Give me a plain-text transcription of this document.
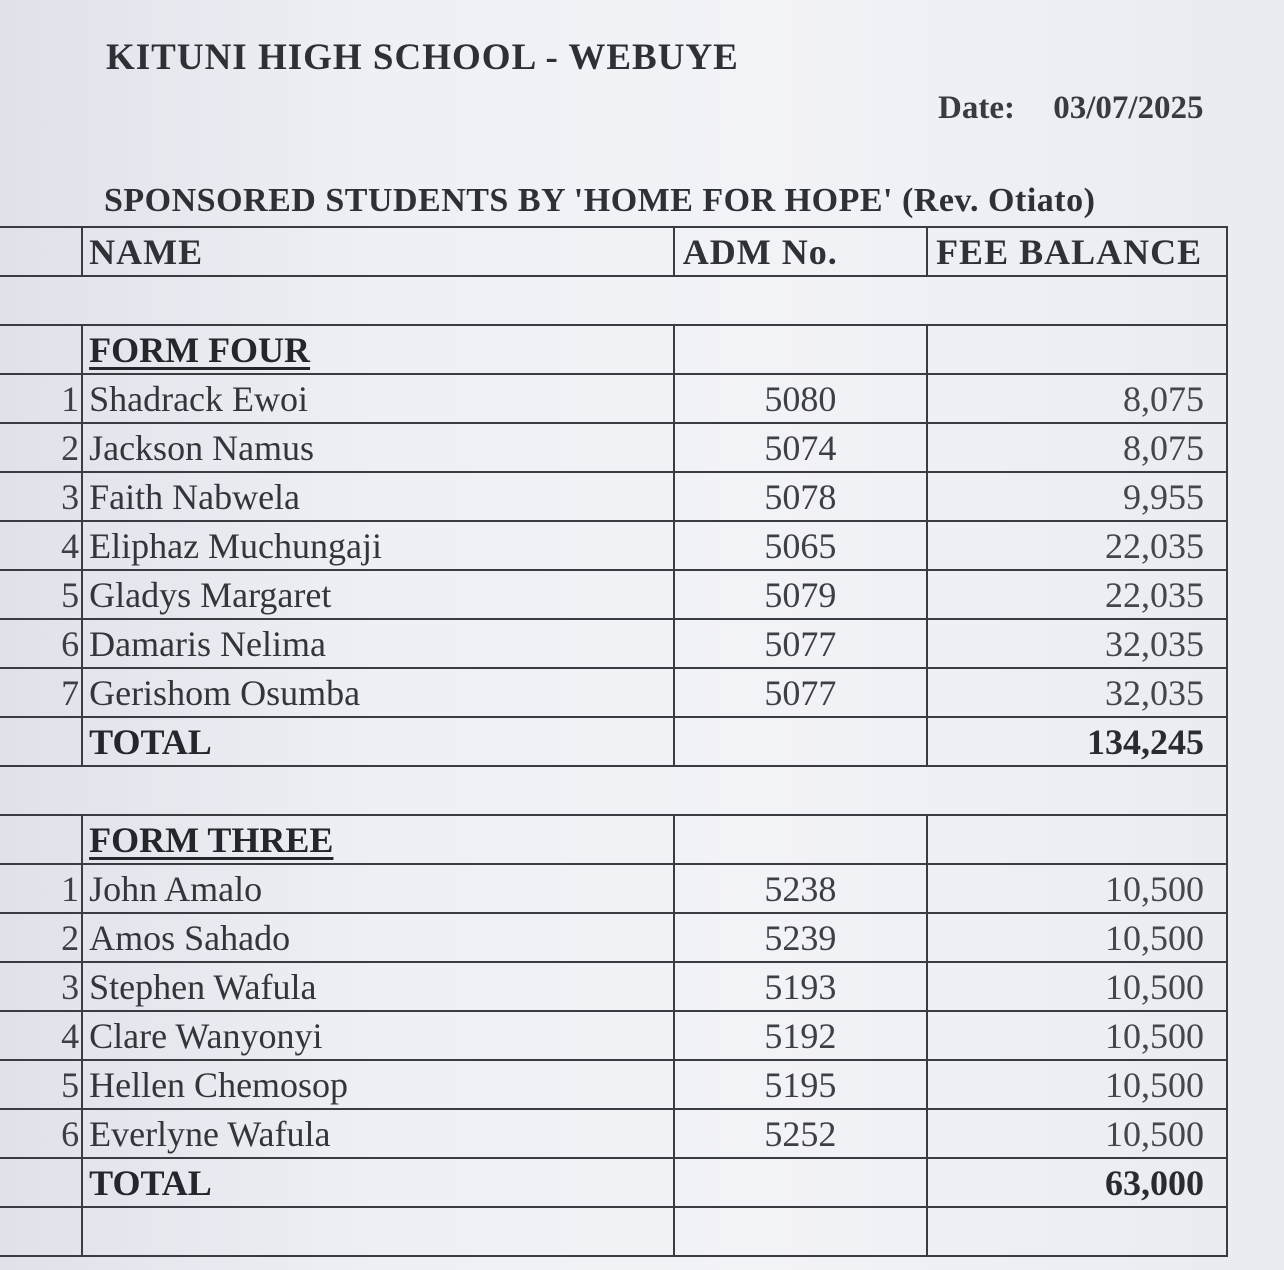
KITUNI HIGH SCHOOL - WEBUYE
Date: 03/07/2025
SPONSORED STUDENTS BY 'HOME FOR HOPE' (Rev. Otiato)
	NAME	ADM No.	FEE BALANCE

	FORM FOUR		
1	Shadrack Ewoi	5080	8,075
2	Jackson Namus	5074	8,075
3	Faith Nabwela	5078	9,955
4	Eliphaz Muchungaji	5065	22,035
5	Gladys Margaret	5079	22,035
6	Damaris Nelima	5077	32,035
7	Gerishom Osumba	5077	32,035
	TOTAL		134,245

	FORM THREE		
1	John Amalo	5238	10,500
2	Amos Sahado	5239	10,500
3	Stephen Wafula	5193	10,500
4	Clare Wanyonyi	5192	10,500
5	Hellen Chemosop	5195	10,500
6	Everlyne Wafula	5252	10,500
	TOTAL		63,000
